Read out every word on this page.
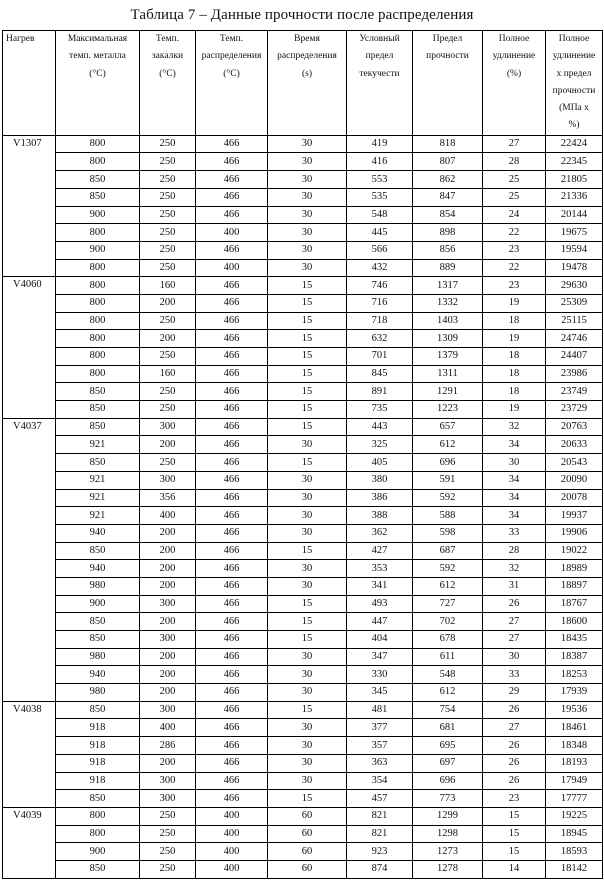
Таблица 7 – Данные прочности после распределения
Нагрев	Максимальная
темп. металла
(°C)	Темп.
закалки
(°C)	Темп.
распределения
(°C)	Время
распределения
(s)	Условный
предел
текучести	Предел
прочности	Полное
удлинение
(%)	Полное
удлинение
x предел
прочности
(МПа x
%)
V1307	800	250	466	30	419	818	27	22424
800	250	466	30	416	807	28	22345
850	250	466	30	553	862	25	21805
850	250	466	30	535	847	25	21336
900	250	466	30	548	854	24	20144
800	250	400	30	445	898	22	19675
900	250	466	30	566	856	23	19594
800	250	400	30	432	889	22	19478
V4060	800	160	466	15	746	1317	23	29630
800	200	466	15	716	1332	19	25309
800	250	466	15	718	1403	18	25115
800	200	466	15	632	1309	19	24746
800	250	466	15	701	1379	18	24407
800	160	466	15	845	1311	18	23986
850	250	466	15	891	1291	18	23749
850	250	466	15	735	1223	19	23729
V4037	850	300	466	15	443	657	32	20763
921	200	466	30	325	612	34	20633
850	250	466	15	405	696	30	20543
921	300	466	30	380	591	34	20090
921	356	466	30	386	592	34	20078
921	400	466	30	388	588	34	19937
940	200	466	30	362	598	33	19906
850	200	466	15	427	687	28	19022
940	200	466	30	353	592	32	18989
980	200	466	30	341	612	31	18897
900	300	466	15	493	727	26	18767
850	200	466	15	447	702	27	18600
850	300	466	15	404	678	27	18435
980	200	466	30	347	611	30	18387
940	200	466	30	330	548	33	18253
980	200	466	30	345	612	29	17939
V4038	850	300	466	15	481	754	26	19536
918	400	466	30	377	681	27	18461
918	286	466	30	357	695	26	18348
918	200	466	30	363	697	26	18193
918	300	466	30	354	696	26	17949
850	300	466	15	457	773	23	17777
V4039	800	250	400	60	821	1299	15	19225
800	250	400	60	821	1298	15	18945
900	250	400	60	923	1273	15	18593
850	250	400	60	874	1278	14	18142
